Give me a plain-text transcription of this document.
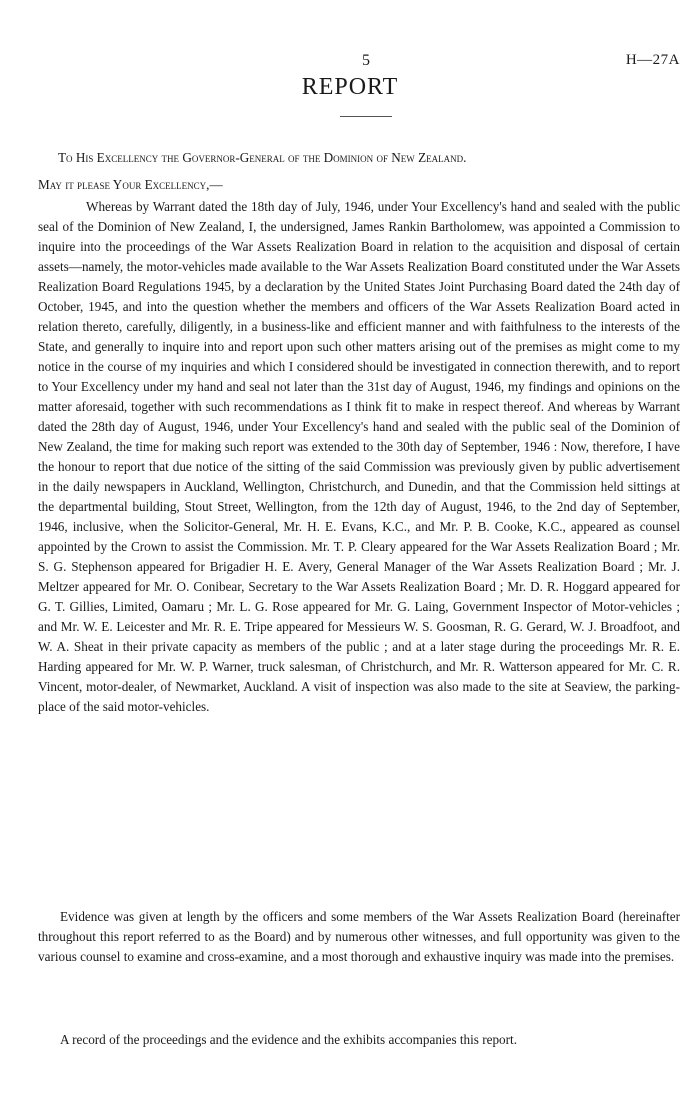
5	H—27A
REPORT
To His Excellency the Governor-General of the Dominion of New Zealand.
May it please Your Excellency,—

Whereas by Warrant dated the 18th day of July, 1946, under Your Excellency's hand and sealed with the public seal of the Dominion of New Zealand, I, the undersigned, James Rankin Bartholomew, was appointed a Commission to inquire into the proceedings of the War Assets Realization Board in relation to the acquisition and disposal of certain assets—namely, the motor-vehicles made available to the War Assets Realization Board constituted under the War Assets Realization Board Regulations 1945, by a declaration by the United States Joint Purchasing Board dated the 24th day of October, 1945, and into the question whether the members and officers of the War Assets Realization Board acted in relation thereto, carefully, diligently, in a business-like and efficient manner and with faithfulness to the interests of the State, and generally to inquire into and report upon such other matters arising out of the premises as might come to my notice in the course of my inquiries and which I considered should be investigated in connection therewith, and to report to Your Excellency under my hand and seal not later than the 31st day of August, 1946, my findings and opinions on the matter aforesaid, together with such recommendations as I think fit to make in respect thereof. And whereas by Warrant dated the 28th day of August, 1946, under Your Excellency's hand and sealed with the public seal of the Dominion of New Zealand, the time for making such report was extended to the 30th day of September, 1946 : Now, therefore, I have the honour to report that due notice of the sitting of the said Commission was previously given by public advertisement in the daily newspapers in Auckland, Wellington, Christchurch, and Dunedin, and that the Commission held sittings at the departmental building, Stout Street, Wellington, from the 12th day of August, 1946, to the 2nd day of September, 1946, inclusive, when the Solicitor-General, Mr. H. E. Evans, K.C., and Mr. P. B. Cooke, K.C., appeared as counsel appointed by the Crown to assist the Commission. Mr. T. P. Cleary appeared for the War Assets Realization Board ; Mr. S. G. Stephenson appeared for Brigadier H. E. Avery, General Manager of the War Assets Realization Board ; Mr. J. Meltzer appeared for Mr. O. Conibear, Secretary to the War Assets Realization Board ; Mr. D. R. Hoggard appeared for G. T. Gillies, Limited, Oamaru ; Mr. L. G. Rose appeared for Mr. G. Laing, Government Inspector of Motor-vehicles ; and Mr. W. E. Leicester and Mr. R. E. Tripe appeared for Messieurs W. S. Goosman, R. G. Gerard, W. J. Broadfoot, and W. A. Sheat in their private capacity as members of the public ; and at a later stage during the proceedings Mr. R. E. Harding appeared for Mr. W. P. Warner, truck salesman, of Christchurch, and Mr. R. Watterson appeared for Mr. C. R. Vincent, motor-dealer, of Newmarket, Auckland. A visit of inspection was also made to the site at Seaview, the parking-place of the said motor-vehicles.

Evidence was given at length by the officers and some members of the War Assets Realization Board (hereinafter throughout this report referred to as the Board) and by numerous other witnesses, and full opportunity was given to the various counsel to examine and cross-examine, and a most thorough and exhaustive inquiry was made into the premises.

A record of the proceedings and the evidence and the exhibits accompanies this report.
